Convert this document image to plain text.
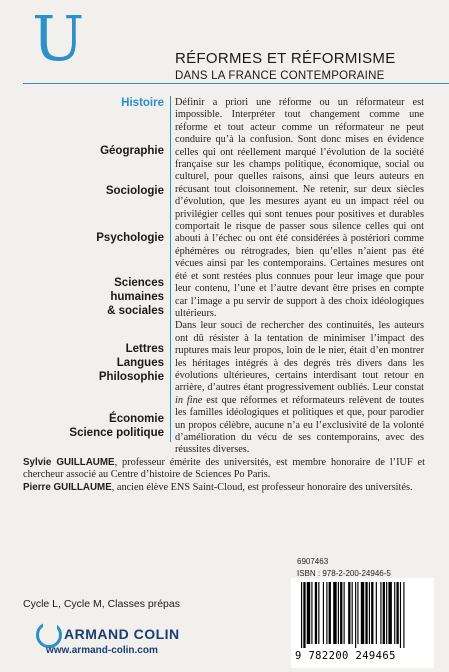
U	RÉFORMES ET RÉFORMISME
DANS LA FRANCE CONTEMPORAINE
Histoire
Géographie
Sociologie
Psychologie
Sciences
humaines
& sociales
Lettres
Langues
Philosophie
Économie
Science politique

Définir a priori une réforme ou un réformateur est impossible. Interpréter tout changement comme une réforme et tout acteur comme un réformateur ne peut conduire qu’à la confusion. Sont donc mises en évidence celles qui ont réellement marqué l’évolution de la société française sur les champs politique, économique, social ou culturel, pour quelles raisons, ainsi que leurs auteurs en récusant tout cloisonnement. Ne retenir, sur deux siècles d’évolution, que les mesures ayant eu un impact réel ou privilégier celles qui sont tenues pour positives et durables comportait le risque de passer sous silence celles qui ont abouti à l’échec ou ont été considérées à postériori comme éphémères ou rétrogrades, bien qu’elles n’aient pas été vécues ainsi par les contemporains. Certaines mesures ont été et sont restées plus connues pour leur image que pour leur contenu, l’une et l’autre devant être prises en compte car l’image a pu servir de support à des choix idéologiques ultérieurs.

Dans leur souci de rechercher des continuités, les auteurs ont dû résister à la tentation de minimiser l’impact des ruptures mais leur propos, loin de le nier, était d’en montrer les héritages intégrés à des degrés très divers dans les évolutions ultérieures, certains interdisant tout retour en arrière, d’autres étant progressivement oubliés. Leur constat in fine est que réformes et réformateurs relèvent de toutes les familles idéologiques et politiques et que, pour parodier un propos célèbre, aucune n’a eu l’exclusivité de la volonté d’amélioration du vécu de ses contemporains, avec des réussites diverses.

Sylvie GUILLAUME, professeur émérite des universités, est membre honoraire de l’IUF et chercheur associé au Centre d’histoire de Sciences Po Paris.

Pierre GUILLAUME, ancien élève ENS Saint-Cloud, est professeur honoraire des universités.

6907463
ISBN : 978-2-200-24946-5
Cycle L, Cycle M, Classes prépas
ARMAND COLIN
www.armand-colin.com	9 782200 249465
